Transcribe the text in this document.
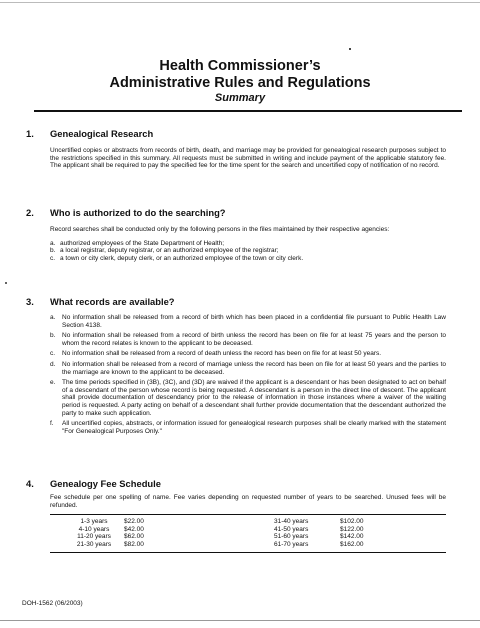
Health Commissioner’s
Administrative Rules and Regulations
Summary
1.	Genealogical Research
Uncertified copies or abstracts from records of birth, death, and marriage may be provided for genealogical research purposes subject to the restrictions specified in this summary. All requests must be submitted in writing and include payment of the applicable statutory fee. The applicant shall be required to pay the specified fee for the time spent for the search and uncertified copy of notification of no record.
2.	Who is authorized to do the searching?
Record searches shall be conducted only by the following persons in the files maintained by their respective agencies:
a. authorized employees of the State Department of Health;
b. a local registrar, deputy registrar, or an authorized employee of the registrar;
c. a town or city clerk, deputy clerk, or an authorized employee of the town or city clerk.
3.	What records are available?
a.	No information shall be released from a record of birth which has been placed in a confidential file pursuant to Public Health Law Section 4138.
b.	No information shall be released from a record of birth unless the record has been on file for at least 75 years and the person to whom the record relates is known to the applicant to be deceased.
c.	No information shall be released from a record of death unless the record has been on file for at least 50 years.
d.	No information shall be released from a record of marriage unless the record has been on file for at least 50 years and the parties to the marriage are known to the applicant to be deceased.
e.	The time periods specified in (3B), (3C), and (3D) are waived if the applicant is a descendant or has been designated to act on behalf of a descendant of the person whose record is being requested. A descendant is a person in the direct line of descent. The applicant shall provide documentation of descendancy prior to the release of information in those instances where a waiver of the waiting period is requested. A party acting on behalf of a descendant shall further provide documentation that the descendant authorized the party to make such application.
f.	All uncertified copies, abstracts, or information issued for genealogical research purposes shall be clearly marked with the statement "For Genealogical Purposes Only."
4.	Genealogy Fee Schedule
Fee schedule per one spelling of name. Fee varies depending on requested number of years to be searched. Unused fees will be refunded.
1-3 years	$22.00
4-10 years	$42.00
11-20 years	$62.00
21-30 years	$82.00
31-40 years	$102.00
41-50 years	$122.00
51-60 years	$142.00
61-70 years	$162.00
DOH-1562 (06/2003)
